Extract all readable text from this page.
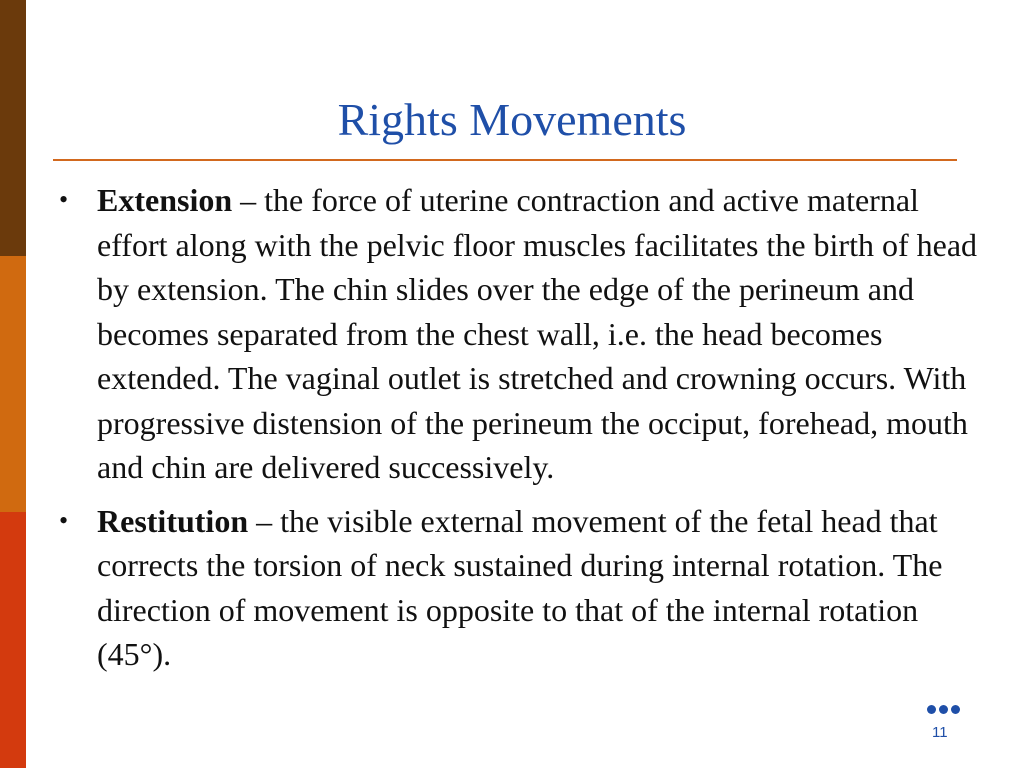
Rights Movements
• Extension – the force of uterine contraction and active maternal effort along with the pelvic floor muscles facilitates the birth of head by extension. The chin slides over the edge of the perineum and becomes separated from the chest wall, i.e. the head becomes extended. The vaginal outlet is stretched and crowning occurs. With progressive distension of the perineum the occiput, forehead, mouth and chin are delivered successively.
• Restitution – the visible external movement of the fetal head that corrects the torsion of neck sustained during internal rotation. The direction of movement is opposite to that of the internal rotation (45°).
11
